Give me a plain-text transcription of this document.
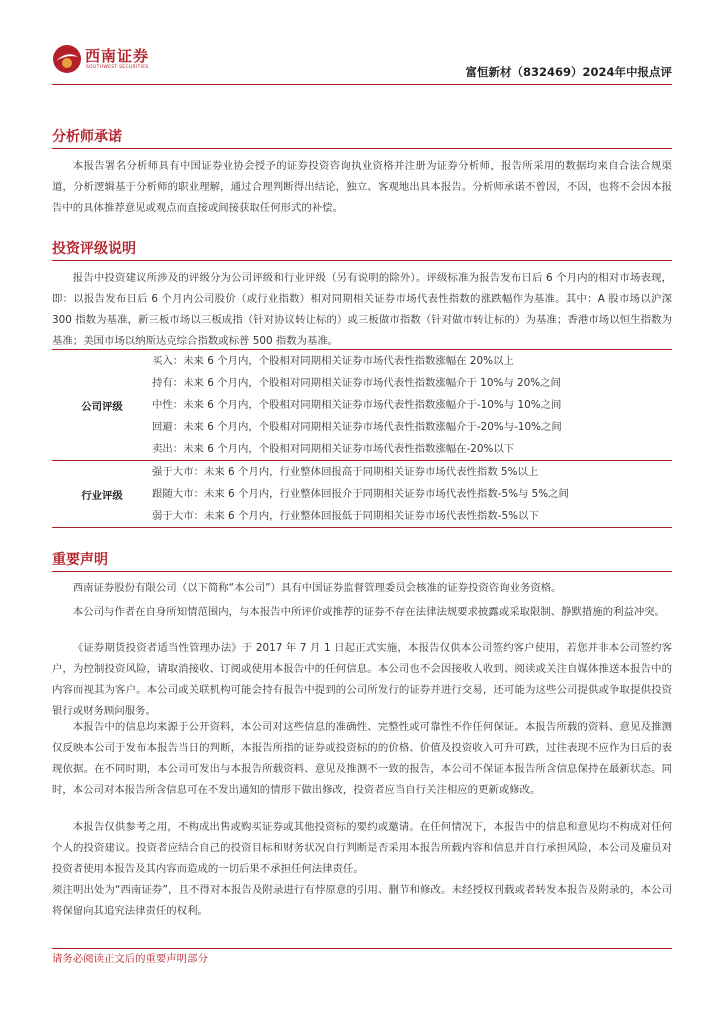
西南证券
SOUTHWEST SECURITIES	富恒新材（832469）2024年中报点评
分析师承诺

本报告署名分析师具有中国证券业协会授予的证券投资咨询执业资格并注册为证券分析师，报告所采用的数据均来自合法合规渠道，分析逻辑基于分析师的职业理解，通过合理判断得出结论，独立、客观地出具本报告。分析师承诺不曾因，不因，也将不会因本报告中的具体推荐意见或观点而直接或间接获取任何形式的补偿。

投资评级说明

报告中投资建议所涉及的评级分为公司评级和行业评级（另有说明的除外）。评级标准为报告发布日后 6 个月内的相对市场表现，即：以报告发布日后 6 个月内公司股价（或行业指数）相对同期相关证券市场代表性指数的涨跌幅作为基准。其中：A 股市场以沪深 300 指数为基准，新三板市场以三板成指（针对协议转让标的）或三板做市指数（针对做市转让标的）为基准；香港市场以恒生指数为基准；美国市场以纳斯达克综合指数或标普 500 指数为基准。

公司评级	买入：未来 6 个月内，个股相对同期相关证券市场代表性指数涨幅在 20%以上
	持有：未来 6 个月内，个股相对同期相关证券市场代表性指数涨幅介于 10%与 20%之间
	中性：未来 6 个月内，个股相对同期相关证券市场代表性指数涨幅介于-10%与 10%之间
	回避：未来 6 个月内，个股相对同期相关证券市场代表性指数涨幅介于-20%与-10%之间
	卖出：未来 6 个月内，个股相对同期相关证券市场代表性指数涨幅在-20%以下
行业评级	强于大市：未来 6 个月内，行业整体回报高于同期相关证券市场代表性指数 5%以上
	跟随大市：未来 6 个月内，行业整体回报介于同期相关证券市场代表性指数-5%与 5%之间
	弱于大市：未来 6 个月内，行业整体回报低于同期相关证券市场代表性指数-5%以下
重要声明

西南证券股份有限公司（以下简称“本公司”）具有中国证券监督管理委员会核准的证券投资咨询业务资格。

本公司与作者在自身所知情范围内，与本报告中所评价或推荐的证券不存在法律法规要求披露或采取限制、静默措施的利益冲突。

《证券期货投资者适当性管理办法》于 2017 年 7 月 1 日起正式实施，本报告仅供本公司签约客户使用，若您并非本公司签约客户，为控制投资风险，请取消接收、订阅或使用本报告中的任何信息。本公司也不会因接收人收到、阅读或关注自媒体推送本报告中的内容而视其为客户。本公司或关联机构可能会持有报告中提到的公司所发行的证券并进行交易，还可能为这些公司提供或争取提供投资银行或财务顾问服务。

本报告中的信息均来源于公开资料，本公司对这些信息的准确性、完整性或可靠性不作任何保证。本报告所载的资料、意见及推测仅反映本公司于发布本报告当日的判断，本报告所指的证券或投资标的的价格、价值及投资收入可升可跌，过往表现不应作为日后的表现依据。在不同时期，本公司可发出与本报告所载资料、意见及推测不一致的报告，本公司不保证本报告所含信息保持在最新状态。同时，本公司对本报告所含信息可在不发出通知的情形下做出修改，投资者应当自行关注相应的更新或修改。

本报告仅供参考之用，不构成出售或购买证券或其他投资标的要约或邀请。在任何情况下，本报告中的信息和意见均不构成对任何个人的投资建议。投资者应结合自己的投资目标和财务状况自行判断是否采用本报告所载内容和信息并自行承担风险，本公司及雇员对投资者使用本报告及其内容而造成的一切后果不承担任何法律责任。

须注明出处为“西南证券”，且不得对本报告及附录进行有悖原意的引用、删节和修改。未经授权刊载或者转发本报告及附录的，本公司将保留向其追究法律责任的权利。

请务必阅读正文后的重要声明部分
